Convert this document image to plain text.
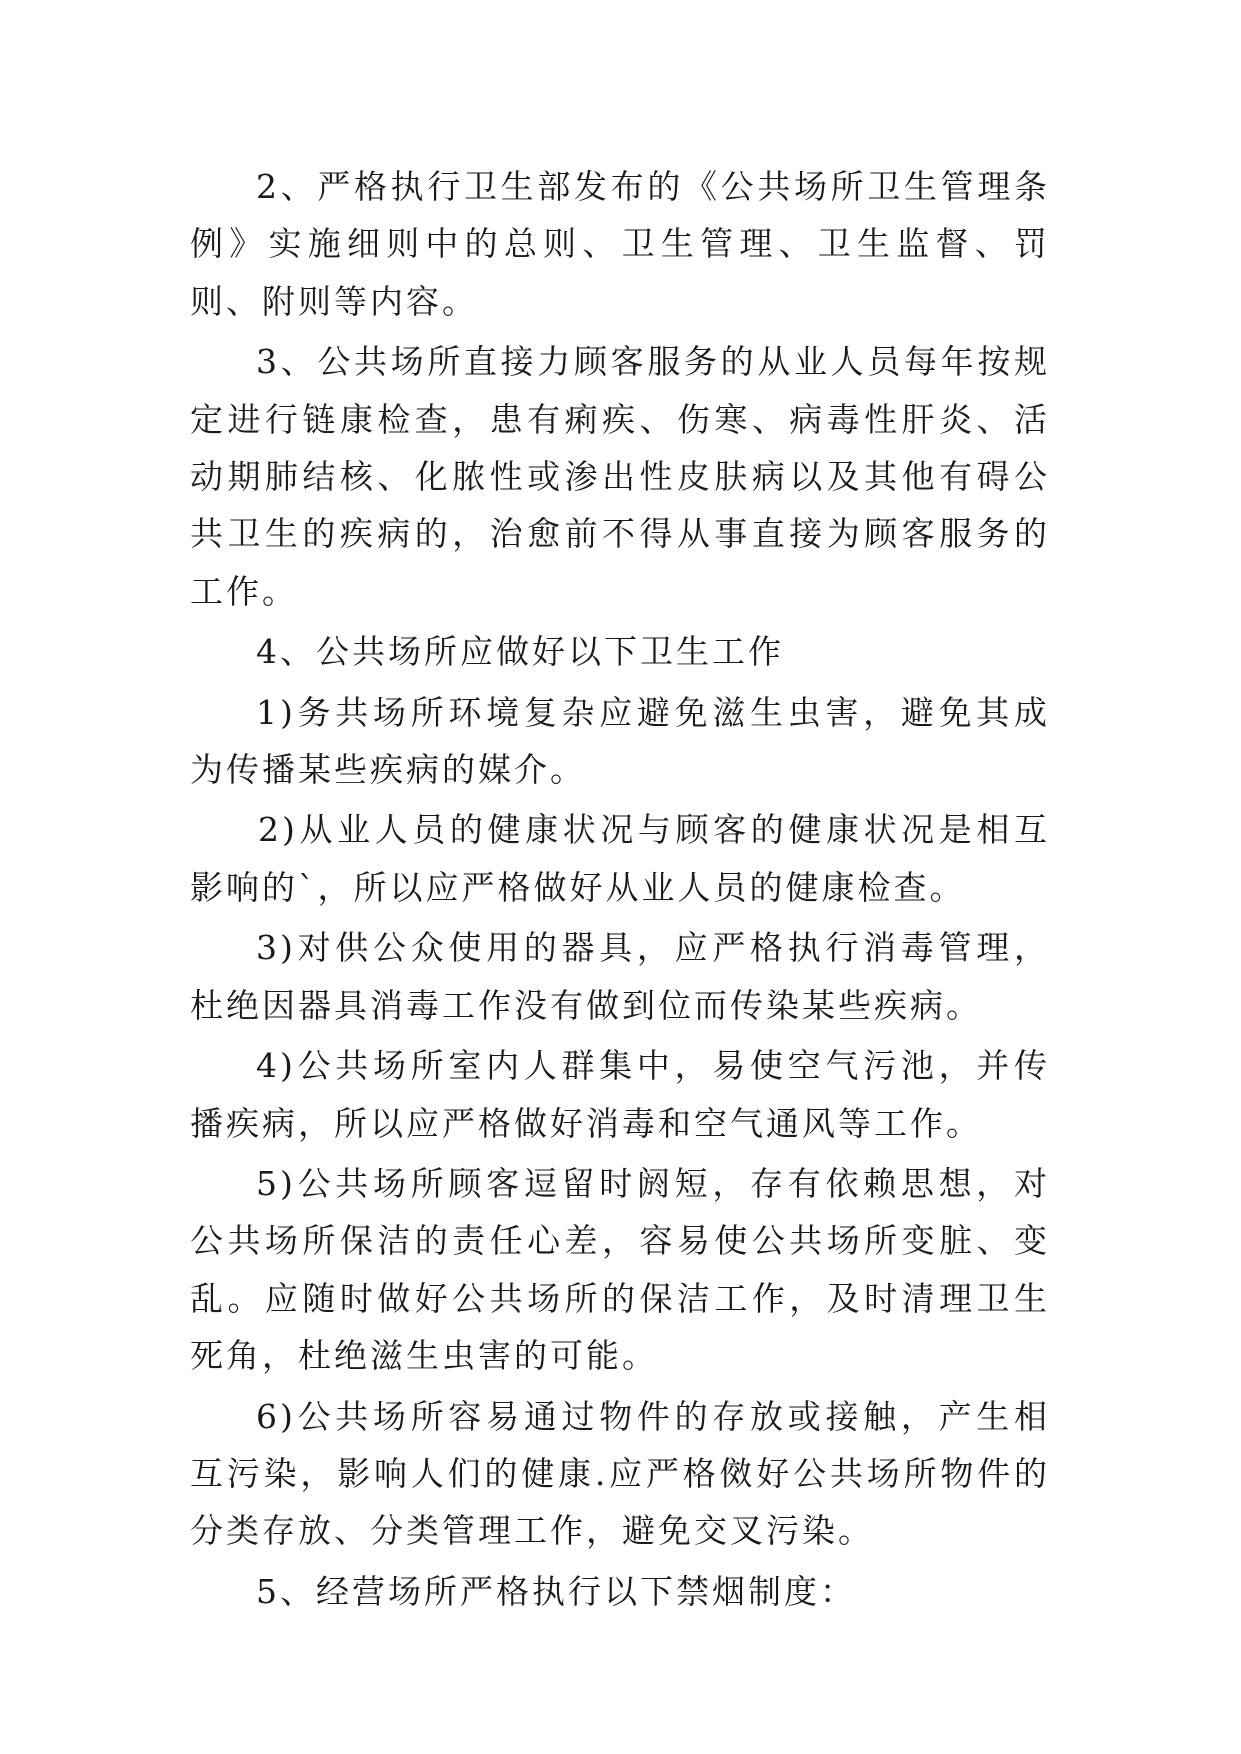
2、严格执行卫生部发布的《公共场所卫生管理条例》实施细则中的总则、卫生管理、卫生监督、罚则、附则等内容。

3、公共场所直接力顾客服务的从业人员每年按规定进行链康检查，患有痢疾、伤寒、病毒性肝炎、活动期肺结核、化脓性或渗出性皮肤病以及其他有碍公共卫生的疾病的，治愈前不得从事直接为顾客服务的工作。

4、公共场所应做好以下卫生工作

1)务共场所环境复杂应避免滋生虫害，避免其成为传播某些疾病的媒介。

2)从业人员的健康状况与顾客的健康状况是相互影响的`，所以应严格做好从业人员的健康检查。

3)对供公众使用的器具，应严格执行消毒管理，杜绝因器具消毒工作没有做到位而传染某些疾病。

4)公共场所室内人群集中，易使空气污池，并传播疾病，所以应严格做好消毒和空气通风等工作。

5)公共场所顾客逗留时阏短，存有依赖思想，对公共场所保洁的责任心差，容易使公共场所变脏、变乱。应随时做好公共场所的保洁工作，及时清理卫生死角，杜绝滋生虫害的可能。

6)公共场所容易通过物件的存放或接触，产生相互污染，影响人们的健康.应严格傚好公共场所物件的分类存放、分类管理工作，避免交叉污染。

5、经营场所严格执行以下禁烟制度：
